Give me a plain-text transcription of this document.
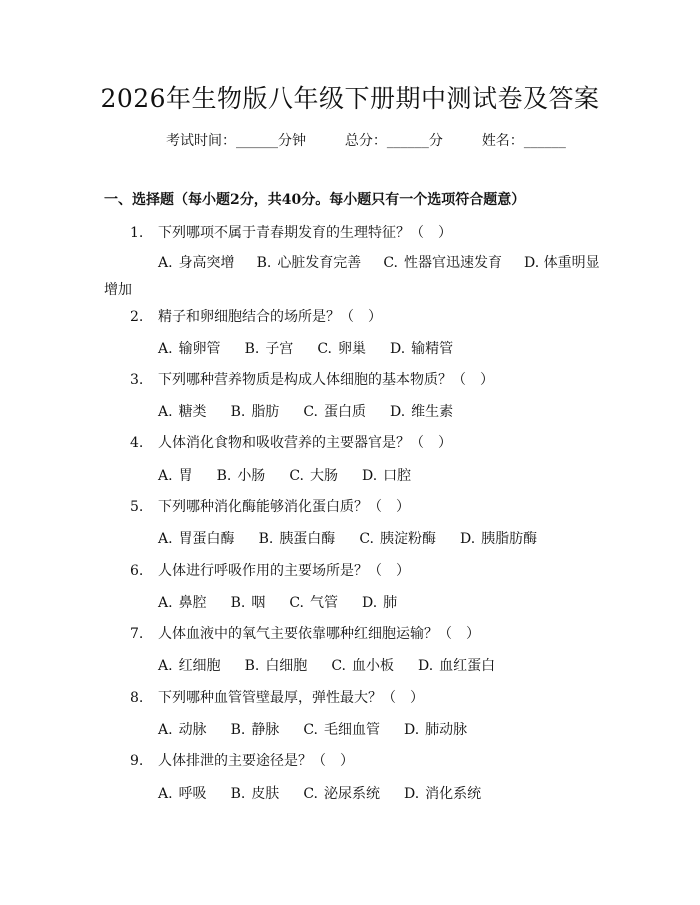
2026年生物版八年级下册期中测试卷及答案
考试时间：______分钟	总分：______分	姓名：______
一、选择题（每小题2分，共40分。每小题只有一个选项符合题意）
1. 下列哪项不属于青春期发育的生理特征？（　）
A. 身高突增 B. 心脏发育完善 C. 性器官迅速发育 D. 体重明显增加
2. 精子和卵细胞结合的场所是？（　）
A. 输卵管 B. 子宫 C. 卵巢 D. 输精管
3. 下列哪种营养物质是构成人体细胞的基本物质？（　）
A. 糖类 B. 脂肪 C. 蛋白质 D. 维生素
4. 人体消化食物和吸收营养的主要器官是？（　）
A. 胃 B. 小肠 C. 大肠 D. 口腔
5. 下列哪种消化酶能够消化蛋白质？（　）
A. 胃蛋白酶 B. 胰蛋白酶 C. 胰淀粉酶 D. 胰脂肪酶
6. 人体进行呼吸作用的主要场所是？（　）
A. 鼻腔 B. 咽 C. 气管 D. 肺
7. 人体血液中的氧气主要依靠哪种红细胞运输？（　）
A. 红细胞 B. 白细胞 C. 血小板 D. 血红蛋白
8. 下列哪种血管管壁最厚，弹性最大？（　）
A. 动脉 B. 静脉 C. 毛细血管 D. 肺动脉
9. 人体排泄的主要途径是？（　）
A. 呼吸 B. 皮肤 C. 泌尿系统 D. 消化系统
